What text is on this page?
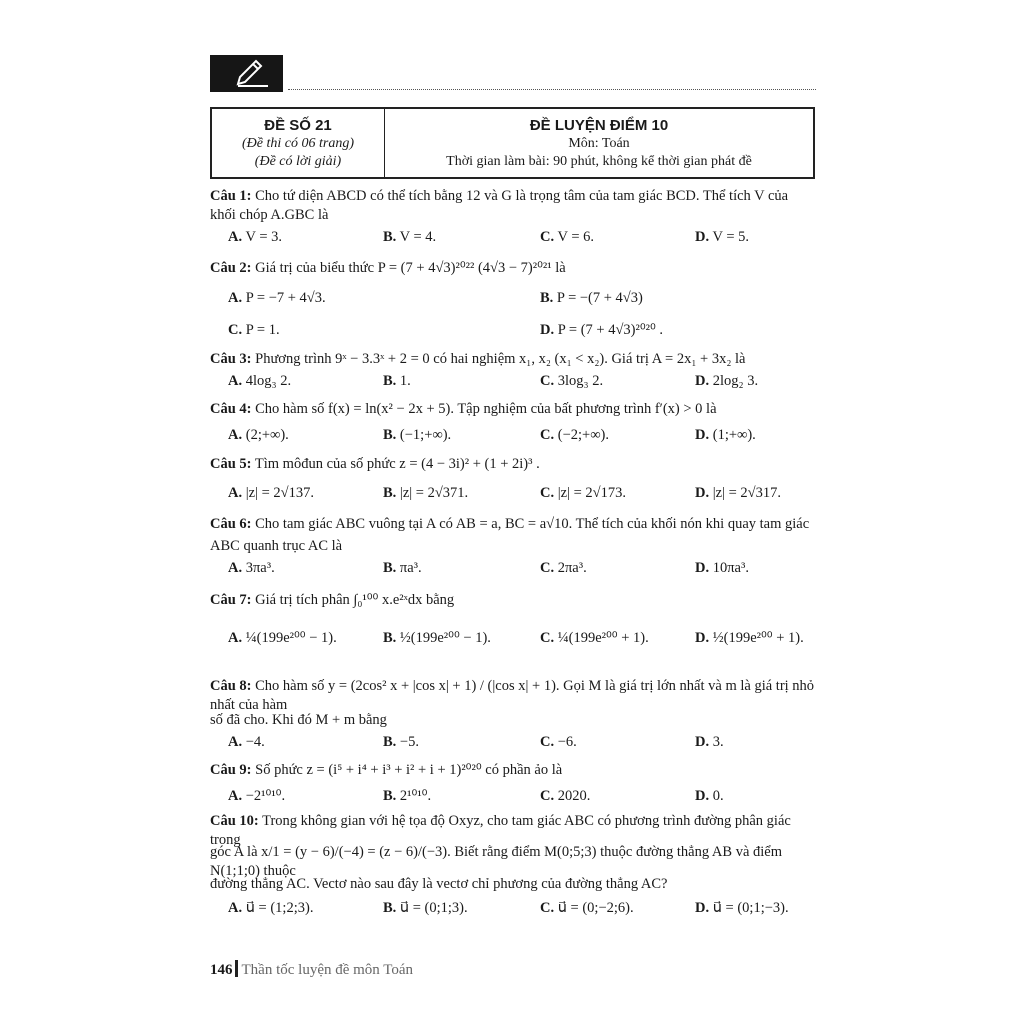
ĐỀ SỐ 21
(Đề thi có 06 trang)
(Đề có lời giải)
ĐỀ LUYỆN ĐIỂM 10
Môn: Toán
Thời gian làm bài: 90 phút, không kể thời gian phát đề
Câu 1: Cho tứ diện ABCD có thể tích bằng 12 và G là trọng tâm của tam giác BCD. Thể tích V của
khối chóp A.GBC là
A. V = 3.	B. V = 4.	C. V = 6.	D. V = 5.
Câu 2: Giá trị của biểu thức P = (7 + 4√3)²⁰²² (4√3 − 7)²⁰²¹ là
A. P = −7 + 4√3.	B. P = −(7 + 4√3)
C. P = 1.	D. P = (7 + 4√3)²⁰²⁰ .
Câu 3: Phương trình 9ˣ − 3.3ˣ + 2 = 0 có hai nghiệm x₁, x₂ (x₁ < x₂). Giá trị A = 2x₁ + 3x₂ là
A. 4log₃ 2.	B. 1.	C. 3log₃ 2.	D. 2log₂ 3.
Câu 4: Cho hàm số f(x) = ln(x² − 2x + 5). Tập nghiệm của bất phương trình f′(x) > 0 là
A. (2;+∞).	B. (−1;+∞).	C. (−2;+∞).	D. (1;+∞).
Câu 5: Tìm môđun của số phức z = (4 − 3i)² + (1 + 2i)³ .
A. |z| = 2√137.	B. |z| = 2√371.	C. |z| = 2√173.	D. |z| = 2√317.
Câu 6: Cho tam giác ABC vuông tại A có AB = a, BC = a√10. Thể tích của khối nón khi quay tam giác
ABC quanh trục AC là
A. 3πa³.	B. πa³.	C. 2πa³.	D. 10πa³.
Câu 7: Giá trị tích phân ∫₀¹⁰⁰ x.e²ˣdx bằng
A. ¼(199e²⁰⁰ − 1).	B. ½(199e²⁰⁰ − 1).	C. ¼(199e²⁰⁰ + 1).	D. ½(199e²⁰⁰ + 1).
Câu 8: Cho hàm số y = (2cos² x + |cos x| + 1) / (|cos x| + 1). Gọi M là giá trị lớn nhất và m là giá trị nhỏ nhất của hàm
số đã cho. Khi đó M + m bằng
A. −4.	B. −5.	C. −6.	D. 3.
Câu 9: Số phức z = (i⁵ + i⁴ + i³ + i² + i + 1)²⁰²⁰ có phần ảo là
A. −2¹⁰¹⁰.	B. 2¹⁰¹⁰.	C. 2020.	D. 0.
Câu 10: Trong không gian với hệ tọa độ Oxyz, cho tam giác ABC có phương trình đường phân giác trong
góc A là x/1 = (y − 6)/(−4) = (z − 6)/(−3). Biết rằng điểm M(0;5;3) thuộc đường thẳng AB và điểm N(1;1;0) thuộc
đường thẳng AC. Vectơ nào sau đây là vectơ chỉ phương của đường thẳng AC?
A. u⃗ = (1;2;3).	B. u⃗ = (0;1;3).	C. u⃗ = (0;−2;6).	D. u⃗ = (0;1;−3).
146 Thần tốc luyện đề môn Toán
